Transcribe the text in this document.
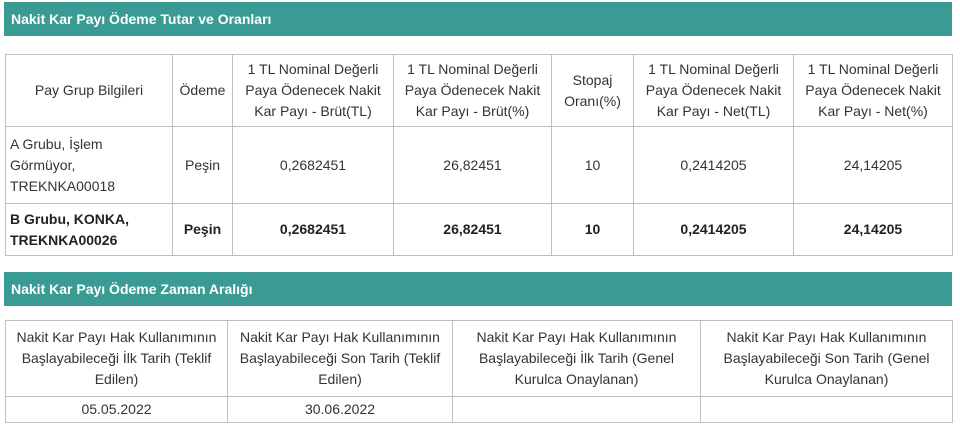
Nakit Kar Payı Ödeme Tutar ve Oranları
Pay Grup Bilgileri	Ödeme	1 TL Nominal Değerli Paya Ödenecek Nakit Kar Payı - Brüt(TL)	1 TL Nominal Değerli Paya Ödenecek Nakit Kar Payı - Brüt(%)	Stopaj Oranı(%)	1 TL Nominal Değerli Paya Ödenecek Nakit Kar Payı - Net(TL)	1 TL Nominal Değerli Paya Ödenecek Nakit Kar Payı - Net(%)
A Grubu, İşlem Görmüyor, TREKNKA00018	Peşin	0,2682451	26,82451	10	0,2414205	24,14205
B Grubu, KONKA, TREKNKA00026	Peşin	0,2682451	26,82451	10	0,2414205	24,14205
Nakit Kar Payı Ödeme Zaman Aralığı
Nakit Kar Payı Hak Kullanımının Başlayabileceği İlk Tarih (Teklif Edilen)	Nakit Kar Payı Hak Kullanımının Başlayabileceği Son Tarih (Teklif Edilen)	Nakit Kar Payı Hak Kullanımının Başlayabileceği İlk Tarih (Genel Kurulca Onaylanan)	Nakit Kar Payı Hak Kullanımının Başlayabileceği Son Tarih (Genel Kurulca Onaylanan)
05.05.2022	30.06.2022		
